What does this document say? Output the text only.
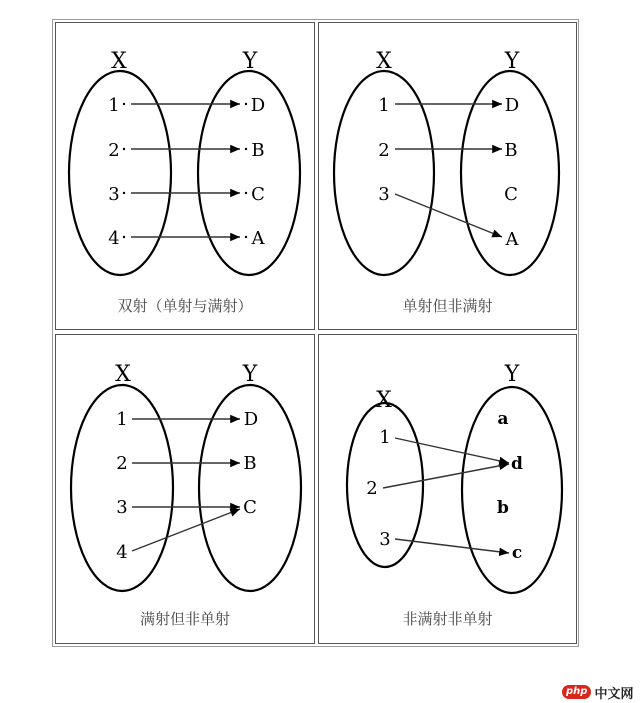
X	Y
1
2
3
4
D
B
C
A
双射（单射与满射）
X	Y
1
2
3
D
B
C
A
单射但非满射
X	Y
1
2
3
4
D
B
C
满射但非单射
X
Y
1
2
3
a
d
b
c
非满射非单射
php 中文网
